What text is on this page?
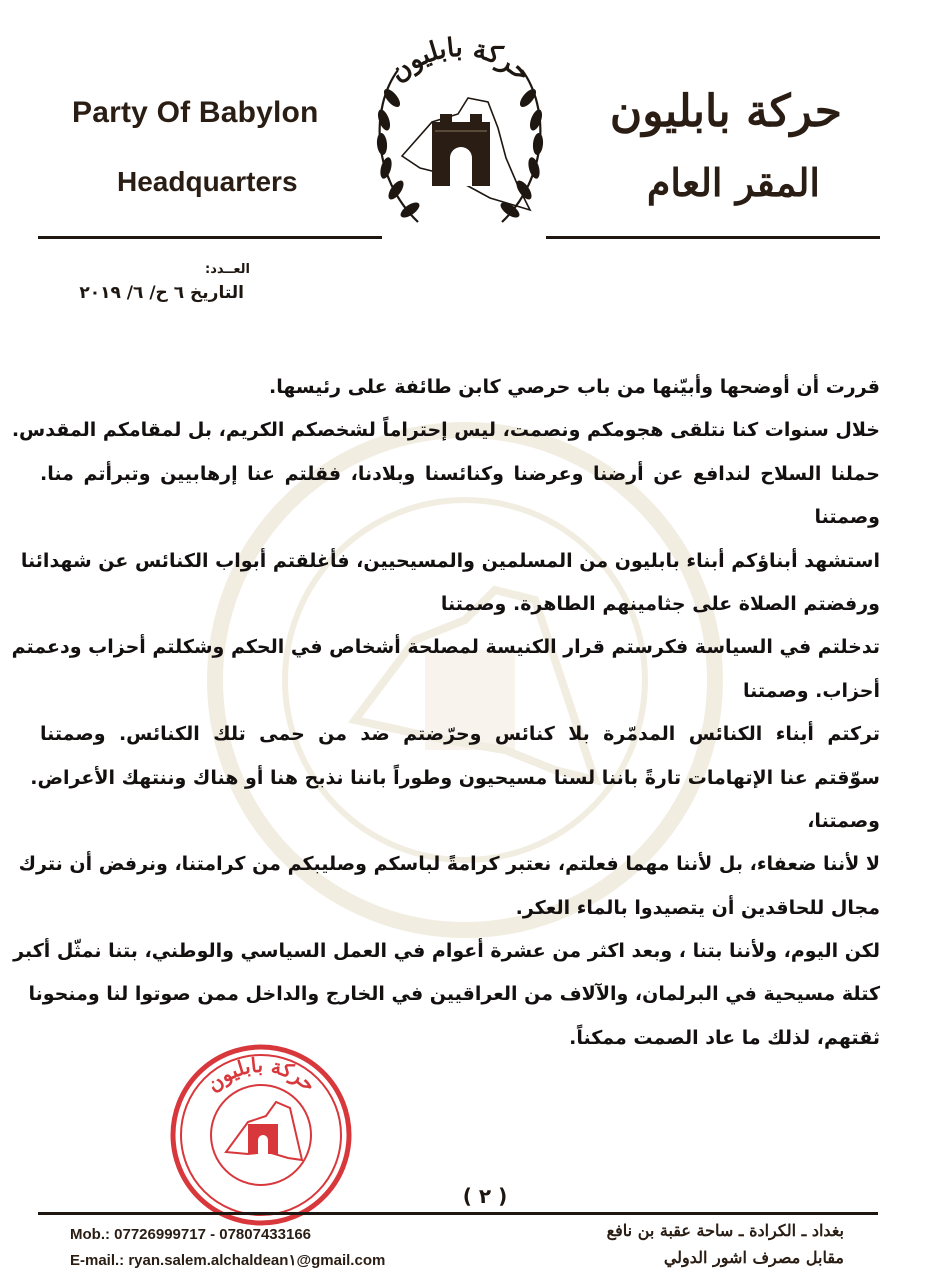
Party Of Babylon
Headquarters
حركة بابليون
المقر العام
حركة بابليون
العــدد:
التاريخ ٦ ح/ ٦/ ٢٠١٩
قررت أن أوضحها وأبيّنها من باب حرصي كابن طائفة على رئيسها.
خلال سنوات كنا نتلقى هجومكم ونصمت، ليس إحتراماً لشخصكم الكريم، بل لمقامكم المقدس.
حملنا السلاح لندافع عن أرضنا وعرضنا وكنائسنا وبلادنا، فقلتم عنا إرهابيين وتبرأتم منا.
وصمتنا
استشهد أبناؤكم أبناء بابليون من المسلمين والمسيحيين، فأغلقتم أبواب الكنائس عن شهدائنا
ورفضتم الصلاة على جثامينهم الطاهرة. وصمتنا
تدخلتم في السياسة فكرستم قرار الكنيسة لمصلحة أشخاص في الحكم وشكلتم أحزاب ودعمتم
أحزاب. وصمتنا
تركتم أبناء الكنائس المدمّرة بلا كنائس وحرّضتم ضد من حمى تلك الكنائس. وصمتنا
سوّقتم عنا الإتهامات تارةً باننا لسنا مسيحيون وطوراً باننا نذبح هنا أو هناك وننتهك الأعراض.
وصمتنا،
لا لأننا ضعفاء، بل لأننا مهما فعلتم، نعتبر كرامةً لباسكم وصليبكم من كرامتنا، ونرفض أن نترك
مجال للحاقدين أن يتصيدوا بالماء العكر.
لكن اليوم، ولأننا بتنا ، وبعد اكثر من عشرة أعوام في العمل السياسي والوطني، بتنا نمثّل أكبر
كتلة مسيحية في البرلمان، والآلاف من العراقيين في الخارج والداخل ممن صوتوا لنا ومنحونا
ثقتهم، لذلك ما عاد الصمت ممكناً.
حركة بابليون
( ٢ )
Mob.: 07726999717 - 07807433166
E-mail.: ryan.salem.alchaldean١@gmail.com
بغداد ـ الكرادة ـ ساحة عقبة بن نافع
مقابل مصرف اشور الدولي
